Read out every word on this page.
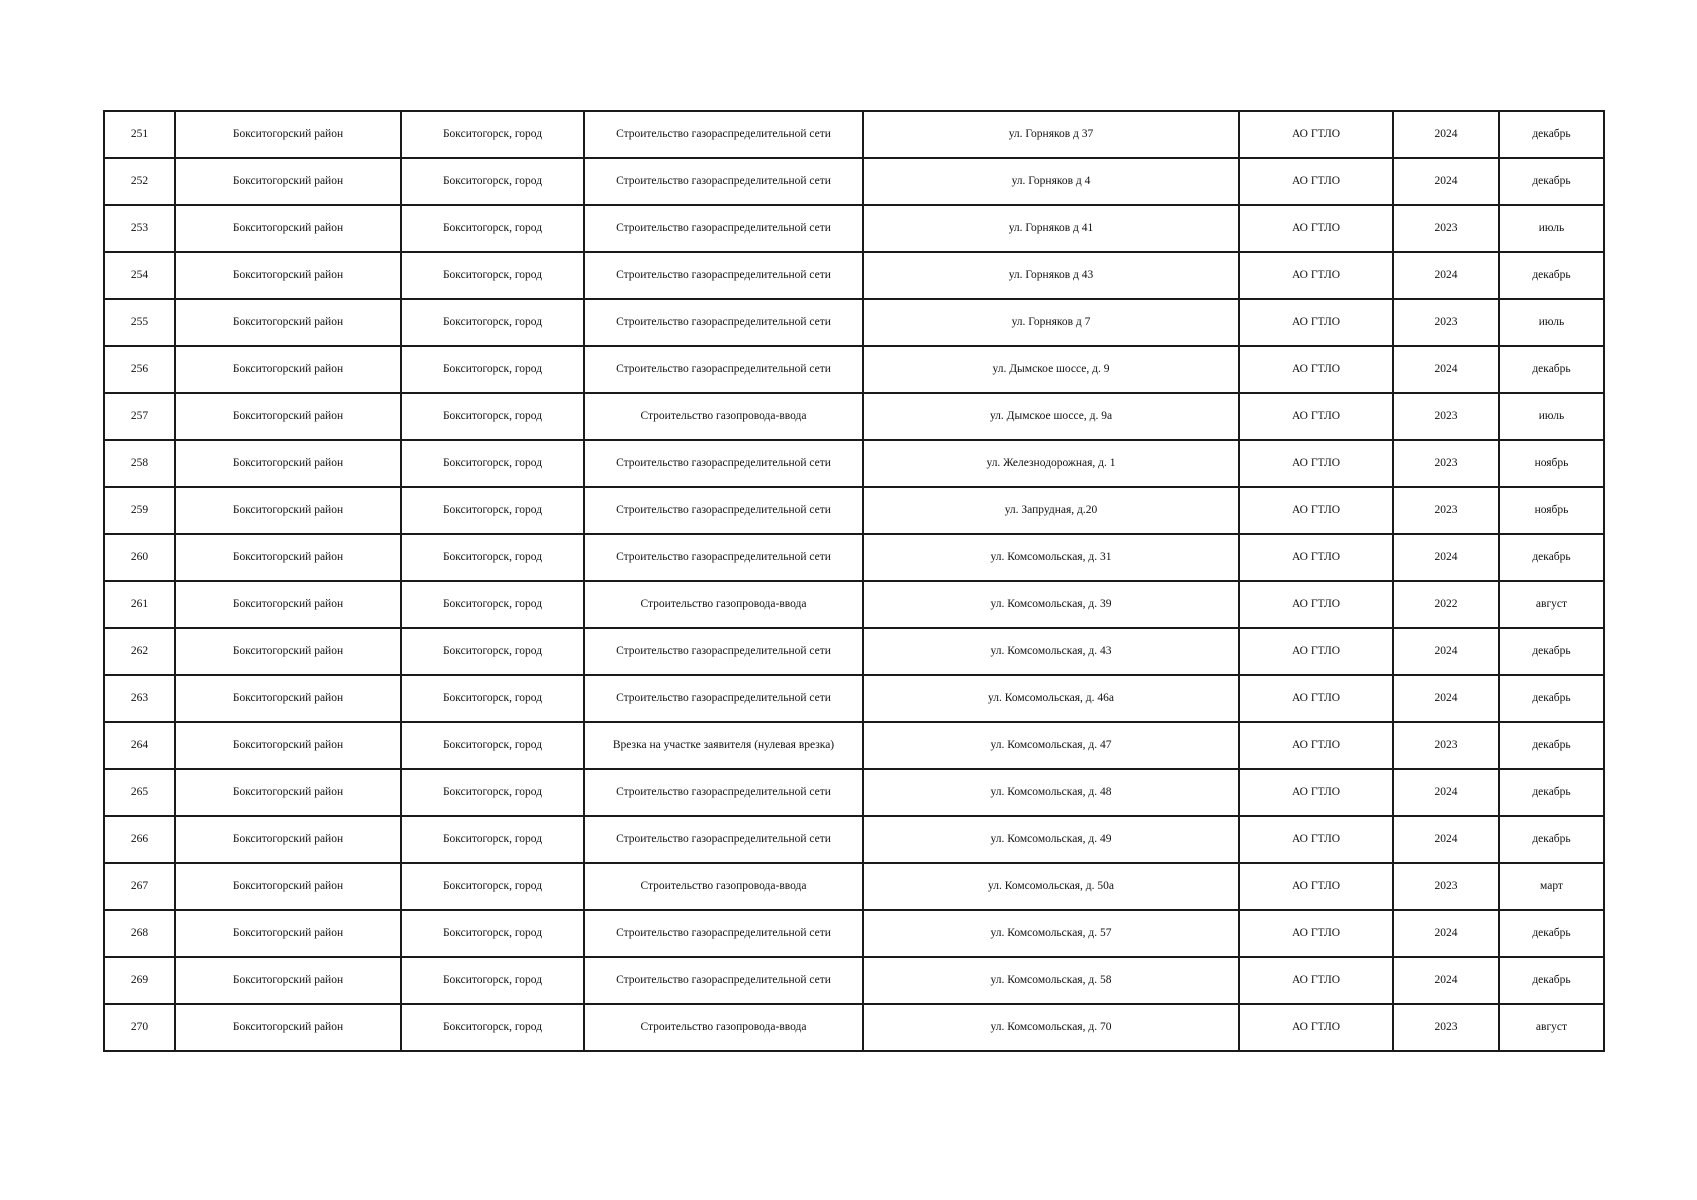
251	Бокситогорский район	Бокситогорск, город	Строительство газораспределительной сети	ул. Горняков д 37	АО ГТЛО	2024	декабрь
252	Бокситогорский район	Бокситогорск, город	Строительство газораспределительной сети	ул. Горняков д 4	АО ГТЛО	2024	декабрь
253	Бокситогорский район	Бокситогорск, город	Строительство газораспределительной сети	ул. Горняков д 41	АО ГТЛО	2023	июль
254	Бокситогорский район	Бокситогорск, город	Строительство газораспределительной сети	ул. Горняков д 43	АО ГТЛО	2024	декабрь
255	Бокситогорский район	Бокситогорск, город	Строительство газораспределительной сети	ул. Горняков д 7	АО ГТЛО	2023	июль
256	Бокситогорский район	Бокситогорск, город	Строительство газораспределительной сети	ул. Дымское шоссе, д. 9	АО ГТЛО	2024	декабрь
257	Бокситогорский район	Бокситогорск, город	Строительство газопровода-ввода	ул. Дымское шоссе, д. 9а	АО ГТЛО	2023	июль
258	Бокситогорский район	Бокситогорск, город	Строительство газораспределительной сети	ул. Железнодорожная, д. 1	АО ГТЛО	2023	ноябрь
259	Бокситогорский район	Бокситогорск, город	Строительство газораспределительной сети	ул. Запрудная, д.20	АО ГТЛО	2023	ноябрь
260	Бокситогорский район	Бокситогорск, город	Строительство газораспределительной сети	ул. Комсомольская, д. 31	АО ГТЛО	2024	декабрь
261	Бокситогорский район	Бокситогорск, город	Строительство газопровода-ввода	ул. Комсомольская, д. 39	АО ГТЛО	2022	август
262	Бокситогорский район	Бокситогорск, город	Строительство газораспределительной сети	ул. Комсомольская, д. 43	АО ГТЛО	2024	декабрь
263	Бокситогорский район	Бокситогорск, город	Строительство газораспределительной сети	ул. Комсомольская, д. 46а	АО ГТЛО	2024	декабрь
264	Бокситогорский район	Бокситогорск, город	Врезка на участке заявителя (нулевая врезка)	ул. Комсомольская, д. 47	АО ГТЛО	2023	декабрь
265	Бокситогорский район	Бокситогорск, город	Строительство газораспределительной сети	ул. Комсомольская, д. 48	АО ГТЛО	2024	декабрь
266	Бокситогорский район	Бокситогорск, город	Строительство газораспределительной сети	ул. Комсомольская, д. 49	АО ГТЛО	2024	декабрь
267	Бокситогорский район	Бокситогорск, город	Строительство газопровода-ввода	ул. Комсомольская, д. 50а	АО ГТЛО	2023	март
268	Бокситогорский район	Бокситогорск, город	Строительство газораспределительной сети	ул. Комсомольская, д. 57	АО ГТЛО	2024	декабрь
269	Бокситогорский район	Бокситогорск, город	Строительство газораспределительной сети	ул. Комсомольская, д. 58	АО ГТЛО	2024	декабрь
270	Бокситогорский район	Бокситогорск, город	Строительство газопровода-ввода	ул. Комсомольская, д. 70	АО ГТЛО	2023	август
